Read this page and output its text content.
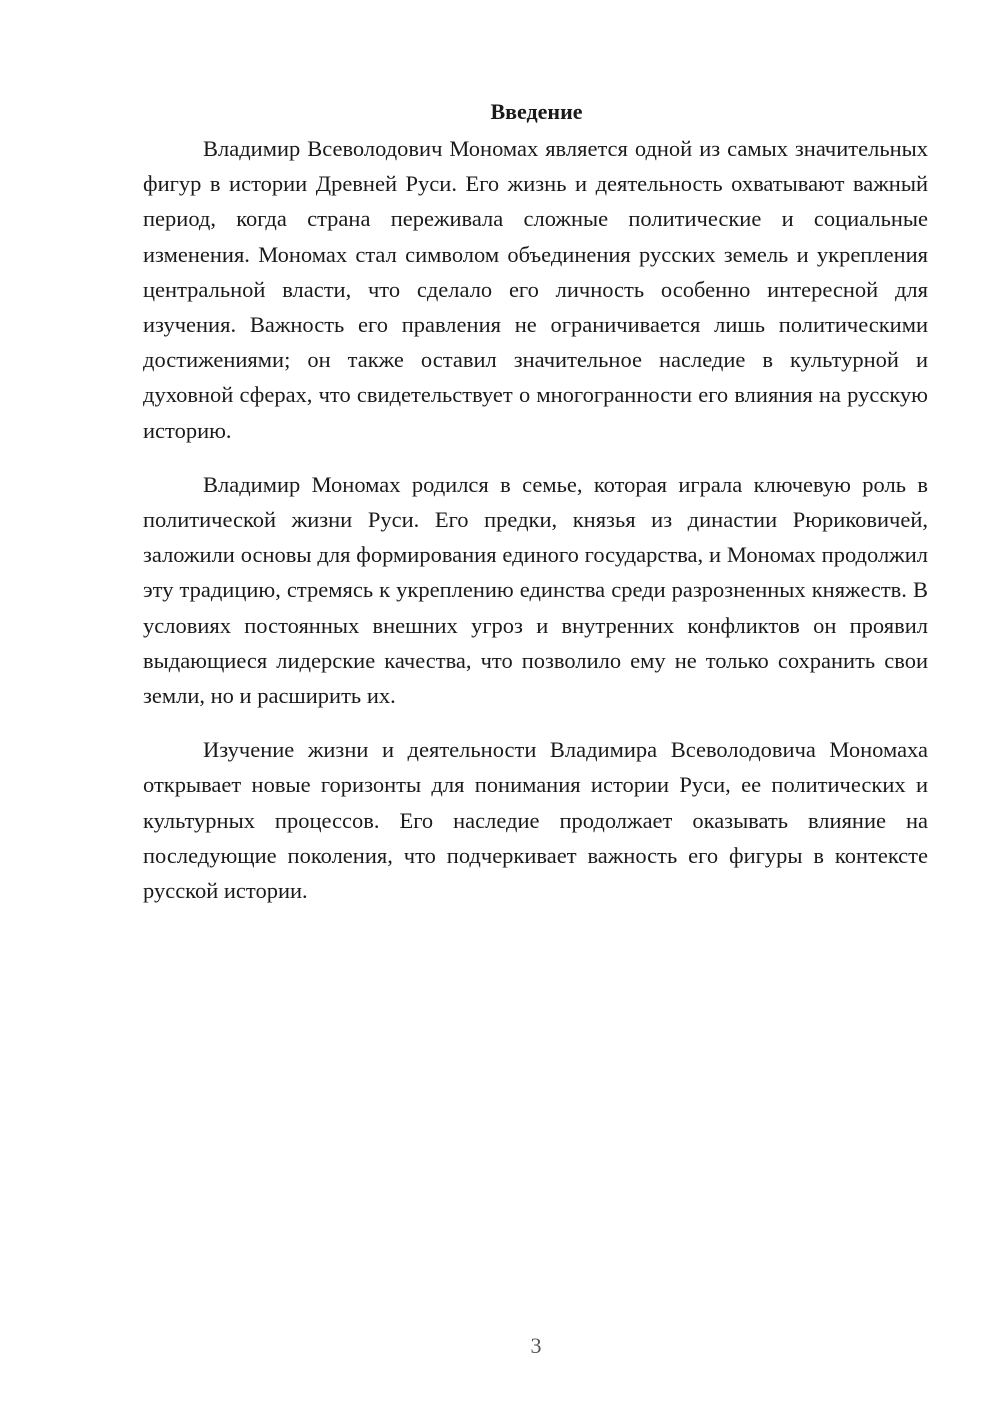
Введение

Владимир Всеволодович Мономах является одной из самых значительных фигур в истории Древней Руси. Его жизнь и деятельность охватывают важный период, когда страна переживала сложные политические и социальные изменения. Мономах стал символом объединения русских земель и укрепления центральной власти, что сделало его личность особенно интересной для изучения. Важность его правления не ограничивается лишь политическими достижениями; он также оставил значительное наследие в культурной и духовной сферах, что свидетельствует о многогранности его влияния на русскую историю.

Владимир Мономах родился в семье, которая играла ключевую роль в политической жизни Руси. Его предки, князья из династии Рюриковичей, заложили основы для формирования единого государства, и Мономах продолжил эту традицию, стремясь к укреплению единства среди разрозненных княжеств. В условиях постоянных внешних угроз и внутренних конфликтов он проявил выдающиеся лидерские качества, что позволило ему не только сохранить свои земли, но и расширить их.

Изучение жизни и деятельности Владимира Всеволодовича Мономаха открывает новые горизонты для понимания истории Руси, ее политических и культурных процессов. Его наследие продолжает оказывать влияние на последующие поколения, что подчеркивает важность его фигуры в контексте русской истории.

3
